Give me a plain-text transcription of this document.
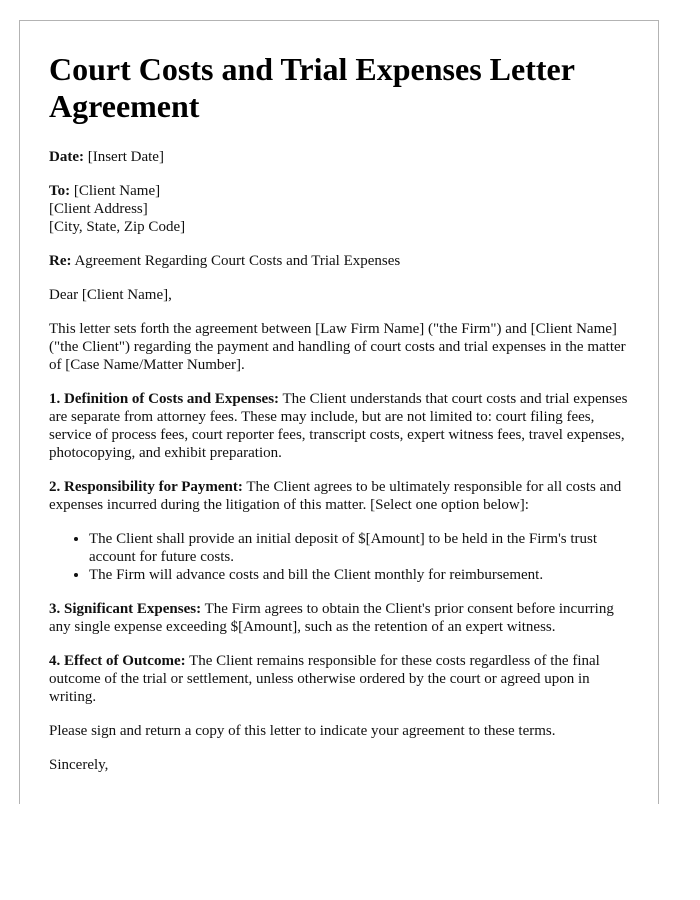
Court Costs and Trial Expenses Letter Agreement

Date: [Insert Date]

To: [Client Name]
[Client Address]
[City, State, Zip Code]

Re: Agreement Regarding Court Costs and Trial Expenses

Dear [Client Name],

This letter sets forth the agreement between [Law Firm Name] ("the Firm") and [Client Name] ("the Client") regarding the payment and handling of court costs and trial expenses in the matter of [Case Name/Matter Number].

1. Definition of Costs and Expenses: The Client understands that court costs and trial expenses are separate from attorney fees. These may include, but are not limited to: court filing fees, service of process fees, court reporter fees, transcript costs, expert witness fees, travel expenses, photocopying, and exhibit preparation.

2. Responsibility for Payment: The Client agrees to be ultimately responsible for all costs and expenses incurred during the litigation of this matter. [Select one option below]:

• The Client shall provide an initial deposit of $[Amount] to be held in the Firm's trust account for future costs.
• The Firm will advance costs and bill the Client monthly for reimbursement.

3. Significant Expenses: The Firm agrees to obtain the Client's prior consent before incurring any single expense exceeding $[Amount], such as the retention of an expert witness.

4. Effect of Outcome: The Client remains responsible for these costs regardless of the final outcome of the trial or settlement, unless otherwise ordered by the court or agreed upon in writing.

Please sign and return a copy of this letter to indicate your agreement to these terms.

Sincerely,
